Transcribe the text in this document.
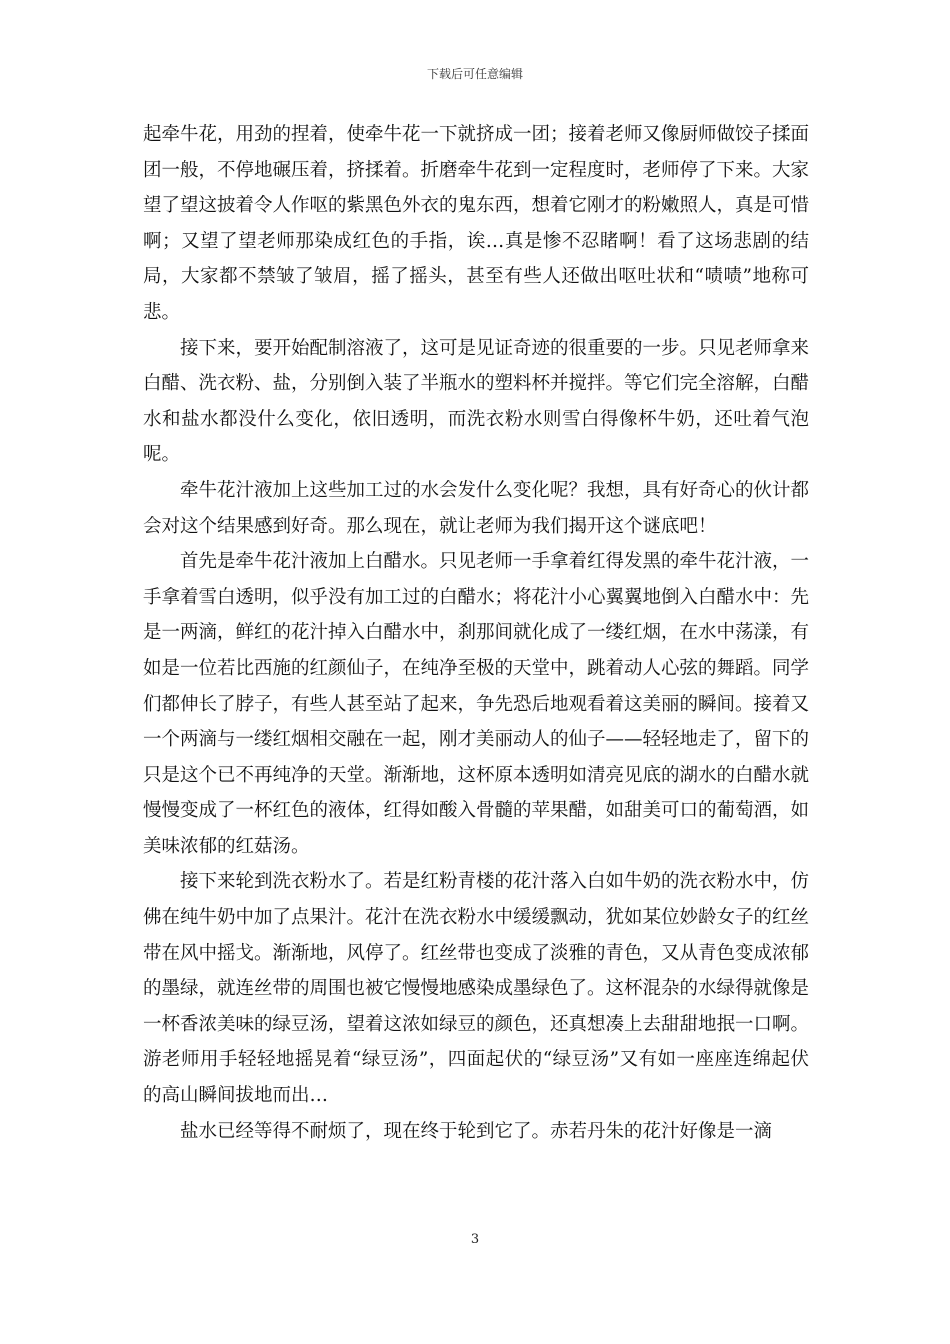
下载后可任意编辑

起牵牛花，用劲的捏着，使牵牛花一下就挤成一团；接着老师又像厨师做饺子揉面团一般，不停地碾压着，挤揉着。折磨牵牛花到一定程度时，老师停了下来。大家望了望这披着令人作呕的紫黑色外衣的鬼东西，想着它刚才的粉嫩照人，真是可惜啊；又望了望老师那染成红色的手指，诶…真是惨不忍睹啊！看了这场悲剧的结局，大家都不禁皱了皱眉，摇了摇头，甚至有些人还做出呕吐状和“啧啧”地称可悲。

接下来，要开始配制溶液了，这可是见证奇迹的很重要的一步。只见老师拿来白醋、洗衣粉、盐，分别倒入装了半瓶水的塑料杯并搅拌。等它们完全溶解，白醋水和盐水都没什么变化，依旧透明，而洗衣粉水则雪白得像杯牛奶，还吐着气泡呢。

牵牛花汁液加上这些加工过的水会发什么变化呢？我想，具有好奇心的伙计都会对这个结果感到好奇。那么现在，就让老师为我们揭开这个谜底吧！

首先是牵牛花汁液加上白醋水。只见老师一手拿着红得发黑的牵牛花汁液，一手拿着雪白透明，似乎没有加工过的白醋水；将花汁小心翼翼地倒入白醋水中：先是一两滴，鲜红的花汁掉入白醋水中，刹那间就化成了一缕红烟，在水中荡漾，有如是一位若比西施的红颜仙子，在纯净至极的天堂中，跳着动人心弦的舞蹈。同学们都伸长了脖子，有些人甚至站了起来，争先恐后地观看着这美丽的瞬间。接着又一个两滴与一缕红烟相交融在一起，刚才美丽动人的仙子——轻轻地走了，留下的只是这个已不再纯净的天堂。渐渐地，这杯原本透明如清亮见底的湖水的白醋水就慢慢变成了一杯红色的液体，红得如酸入骨髓的苹果醋，如甜美可口的葡萄酒，如美味浓郁的红菇汤。

接下来轮到洗衣粉水了。若是红粉青楼的花汁落入白如牛奶的洗衣粉水中，仿佛在纯牛奶中加了点果汁。花汁在洗衣粉水中缓缓飘动，犹如某位妙龄女子的红丝带在风中摇戈。渐渐地，风停了。红丝带也变成了淡雅的青色，又从青色变成浓郁的墨绿，就连丝带的周围也被它慢慢地感染成墨绿色了。这杯混杂的水绿得就像是一杯香浓美味的绿豆汤，望着这浓如绿豆的颜色，还真想凑上去甜甜地抿一口啊。游老师用手轻轻地摇晃着“绿豆汤”，四面起伏的“绿豆汤”又有如一座座连绵起伏的高山瞬间拔地而出…

盐水已经等得不耐烦了，现在终于轮到它了。赤若丹朱的花汁好像是一滴

3
